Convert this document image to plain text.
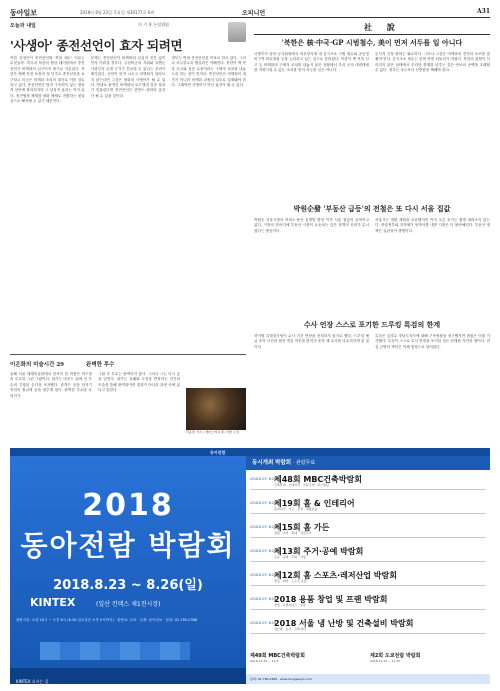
동아일보	2018년 8월 23일 목요일 제30177호 6판	오피니언	A31
오늘과 내일	이 기 홍 논설위원
'사생아' 종전선언이 효자 되려면

북한 김정은이 종전선언에 '목을 매는' 이유는 무엇일까. 미국과 북한의 협상 테이블에서 종전선언은 비핵화의 입구이자 출구로 거론된다. 북한은 체제 안전 보장의 첫 단추로 종전선언을 요구하고 미국은 비핵화 조치의 대가로 이를 검토하고 있다. 종전선언은 법적 구속력이 없는 정치적 선언에 불과하지만 그 상징적 효과는 작지 않다. 정전협정 체제를 평화 체제로 전환하는 첫걸음으로 해석될 수 있기 때문이다.

문제는 종전선언이 비핵화의 실질적 진전 없이 먼저 이뤄질 경우다. 주한미군의 지위와 유엔군사령부의 존재 근거가 흔들릴 수 있다는 우려가 제기된다. 선언이 먼저 나오고 비핵화가 뒤따르지 않는다면 그것은 평화의 사생아가 될 수 있다. 반대로 완전한 비핵화의 로드맵과 검증 장치가 맞물린다면 종전선언은 한반도 평화의 효자가 될 수 있을 것이다.

정부는 연내 종전선언을 목표로 하고 있다. 그러나 서두를수록 협상력은 약해진다. 북한이 핵 목록 신고와 검증 수용이라는 구체적 조치를 내놓도록 하는 것이 먼저다. 종전선언은 비핵화의 대가가 아니라 비핵화 과정의 일부로 설계돼야 한다. 그래야만 사생아가 아닌 효자가 될 수 있다.

이은화의 미술시간 29	완벽한 투수

올해 서울 세계미술관에서 선보인 한 작품은 야구장의 투수를 그린 그림이다. 화가는 마운드 위에 선 투수의 긴장된 순간을 포착했다. 관객은 공을 던지기 직전의 찰나에 숨을 멈추게 된다. 완벽한 투수란 무엇인가.

그림 속 투수는 완벽하지 않다. 그러나 그는 다시 공을 던진다. 화가는 실패와 도전을 반복하는 인간의 모습을 통해 완벽함이란 결과가 아니라 과정 속에 있다고 말한다.

작품명: 투수 / 캔버스에 유채 / 개인 소장
社 說
'북한은 核·中국·GP 시범철수, 美이 먼저 서두를 일 아니다

국방부가 남북 군사회담에서 비무장지대 내 감시초소 시범 철수와 공동경비구역 비무장화 등을 논의하고 있는 것으로 알려졌다. 북한이 핵 목록 신고 등 비핵화의 구체적 조치를 내놓지 않은 상황에서 우리 군의 대비태세를 약화시킬 수 있는 조치를 먼저 서두를 일은 아니다.

군사적 긴장 완화는 필요하다. 그러나 그것은 비핵화의 진전과 보조를 맞춰야 한다. 감시초소 철수는 한번 하면 되돌리기 어렵다. 북한의 위협이 사라지지 않은 상태에서 우리만 경계를 낮추는 것은 안보의 공백을 초래할 수 있다. 정부는 속도보다 신중함을 택해야 한다.

박원순發 '부동산 급등'의 전철은 또 다시 서울 집값

박원순 서울시장의 여의도·용산 통개발 발언 이후 서울 집값이 들썩이고 있다. 시장의 한마디에 부동산 시장이 요동치는 것은 정책의 신뢰가 무너졌다는 방증이다.

서울시는 개발 계획을 보류했지만 이미 오른 호가는 쉽게 내려오지 않는다. 중앙정부와 지자체가 엇박자를 내면 시장은 더 불안해진다. 부동산 정책은 일관성이 생명이다.

수사 언장 스스로 포기한 드루킹 특검의 한계

허익범 특별검사팀이 수사 기간 연장을 신청하지 않기로 했다. 드루킹 댓글 조작 사건의 윗선 개입 여부를 밝히지 못한 채 수사를 마무리하게 된 것이다.

특검은 김경수 경남도지사에 대해 구속영장을 청구했지만 법원은 이를 기각했다. 특검이 스스로 수사 연장을 포기한 것은 한계를 자인한 셈이다. 진실 규명의 책임은 이제 법정으로 넘어갔다.

2018
동아전람 박람회
2018.8.23 ~ 8.26(일)
KINTEX	(일산 킨텍스 제1전시장)
관람시간: 오전 10시 ~ 오후 6시 (8.26 일요일은 오후 5시까지) · 관람료: 무료 · 주최: 동아일보 · 문의: 02-780-0366
KINTEX 오시는 길
동시개최 박람회 · 관람무료
2018.8.23~8.26
제48회 MBC건축박람회
건축자재 · 인테리어 · 전원주택 · 리모델링
2018.8.23~8.26
제19회 홈 & 인테리어
홈퍼니싱 · 가구 · 조명 · 생활용품
2018.8.23~8.26
제15회 홈 가든
정원 · 조경 · 원예 · 아웃도어
2018.8.23~8.26
제13회 주거·공예 박람회
목공 · 공예 · 주방 · 리빙
2018.8.23~8.26
제12회 홈 스포츠·레저산업 박람회
캠핑 · 레저 · 스포츠 용품
2018.8.23~8.26
2018 용품 창업 및 프랜 박람회
창업 · 프랜차이즈 · 유통
2018.8.23~8.26
2018 서울 냉 난방 및 건축설비 박람회
냉난방 · 공조 · 건축설비
제49회 MBC건축박람회
2018.11.29 ~ 12.2
제2회 도쿄전람 박람회
2018.11.22 ~ 11.25
문의: 02-780-0366 · www.dongaexpo.com
동아전람
